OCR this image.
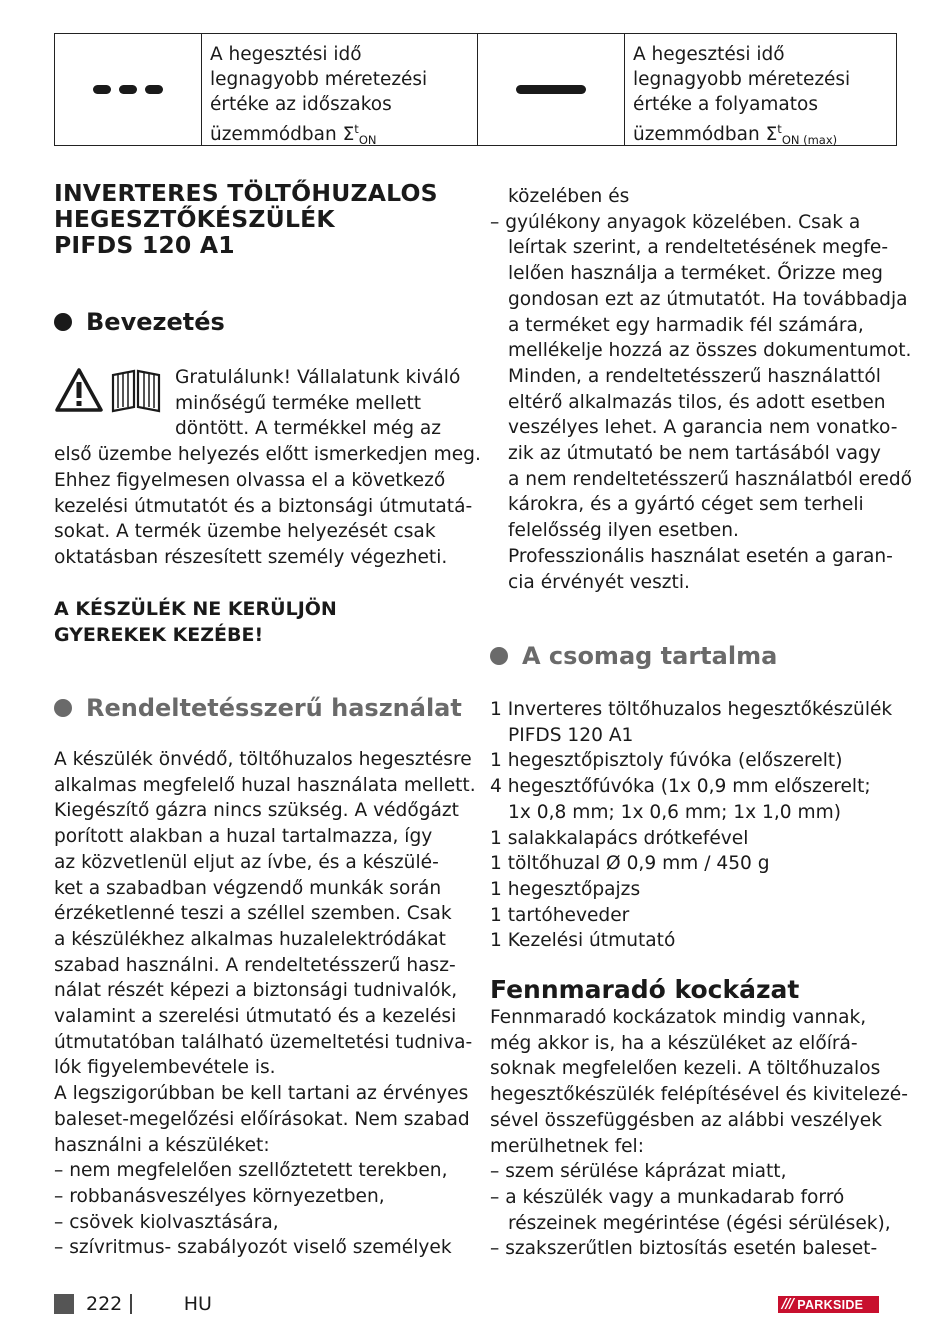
A hegesztési idő
legnagyobb méretezési
értéke az időszakos
üzemmódban $\Sigma^t_{ON}$
A hegesztési idő
legnagyobb méretezési
értéke a folyamatos
üzemmódban $\Sigma^t_{ON (max)}$
INVERTERES TÖLTŐHUZALOS
HEGESZTŐKÉSZÜLÉK
PIFDS 120 A1
Bevezetés
Gratulálunk! Vállalatunk kiváló
minőségű terméke mellett
döntött. A termékkel még az
első üzembe helyezés előtt ismerkedjen meg.
Ehhez figyelmesen olvassa el a következő
kezelési útmutatót és a biztonsági útmutatá-
sokat. A termék üzembe helyezését csak
oktatásban részesített személy végezheti.
A KÉSZÜLÉK NE KERÜLJÖN
GYEREKEK KEZÉBE!
Rendeltetésszerű használat
A készülék önvédő, töltőhuzalos hegesztésre
alkalmas megfelelő huzal használata mellett.
Kiegészítő gázra nincs szükség. A védőgázt
porított alakban a huzal tartalmazza, így
az közvetlenül eljut az ívbe, és a készülé-
ket a szabadban végzendő munkák során
érzéketlenné teszi a széllel szemben. Csak
a készülékhez alkalmas huzalelektródákat
szabad használni. A rendeltetésszerű hasz-
nálat részét képezi a biztonsági tudnivalók,
valamint a szerelési útmutató és a kezelési
útmutatóban található üzemeltetési tudniva-
lók figyelembevétele is.
A legszigorúbban be kell tartani az érvényes
baleset-megelőzési előírásokat. Nem szabad
használni a készüléket:
– nem megfelelően szellőztetett terekben,
– robbanásveszélyes környezetben,
– csövek kiolvasztására,
– szívritmus- szabályozót viselő személyek
közelében és
– gyúlékony anyagok közelében. Csak a
leírtak szerint, a rendeltetésének megfe-
lelően használja a terméket. Őrizze meg
gondosan ezt az útmutatót. Ha továbbadja
a terméket egy harmadik fél számára,
mellékelje hozzá az összes dokumentumot.
Minden, a rendeltetésszerű használattól
eltérő alkalmazás tilos, és adott esetben
veszélyes lehet. A garancia nem vonatko-
zik az útmutató be nem tartásából vagy
a nem rendeltetésszerű használatból eredő
károkra, és a gyártó céget sem terheli
felelősség ilyen esetben.
Professzionális használat esetén a garan-
cia érvényét veszti.
A csomag tartalma
1 Inverteres töltőhuzalos hegesztőkészülék
PIFDS 120 A1
1 hegesztőpisztoly fúvóka (előszerelt)
4 hegesztőfúvóka (1x 0,9 mm előszerelt;
1x 0,8 mm; 1x 0,6 mm; 1x 1,0 mm)
1 salakkalapács drótkefével
1 töltőhuzal Ø 0,9 mm / 450 g
1 hegesztőpajzs
1 tartóheveder
1 Kezelési útmutató
Fennmaradó kockázat
Fennmaradó kockázatok mindig vannak,
még akkor is, ha a készüléket az előírá-
soknak megfelelően kezeli. A töltőhuzalos
hegesztőkészülék felépítésével és kivitelezé-
sével összefüggésben az alábbi veszélyek
merülhetnek fel:
– szem sérülése káprázat miatt,
– a készülék vagy a munkadarab forró
részeinek megérintése (égési sérülések),
– szakszerűtlen biztosítás esetén baleset-
222	HU	/// PARKSIDE
